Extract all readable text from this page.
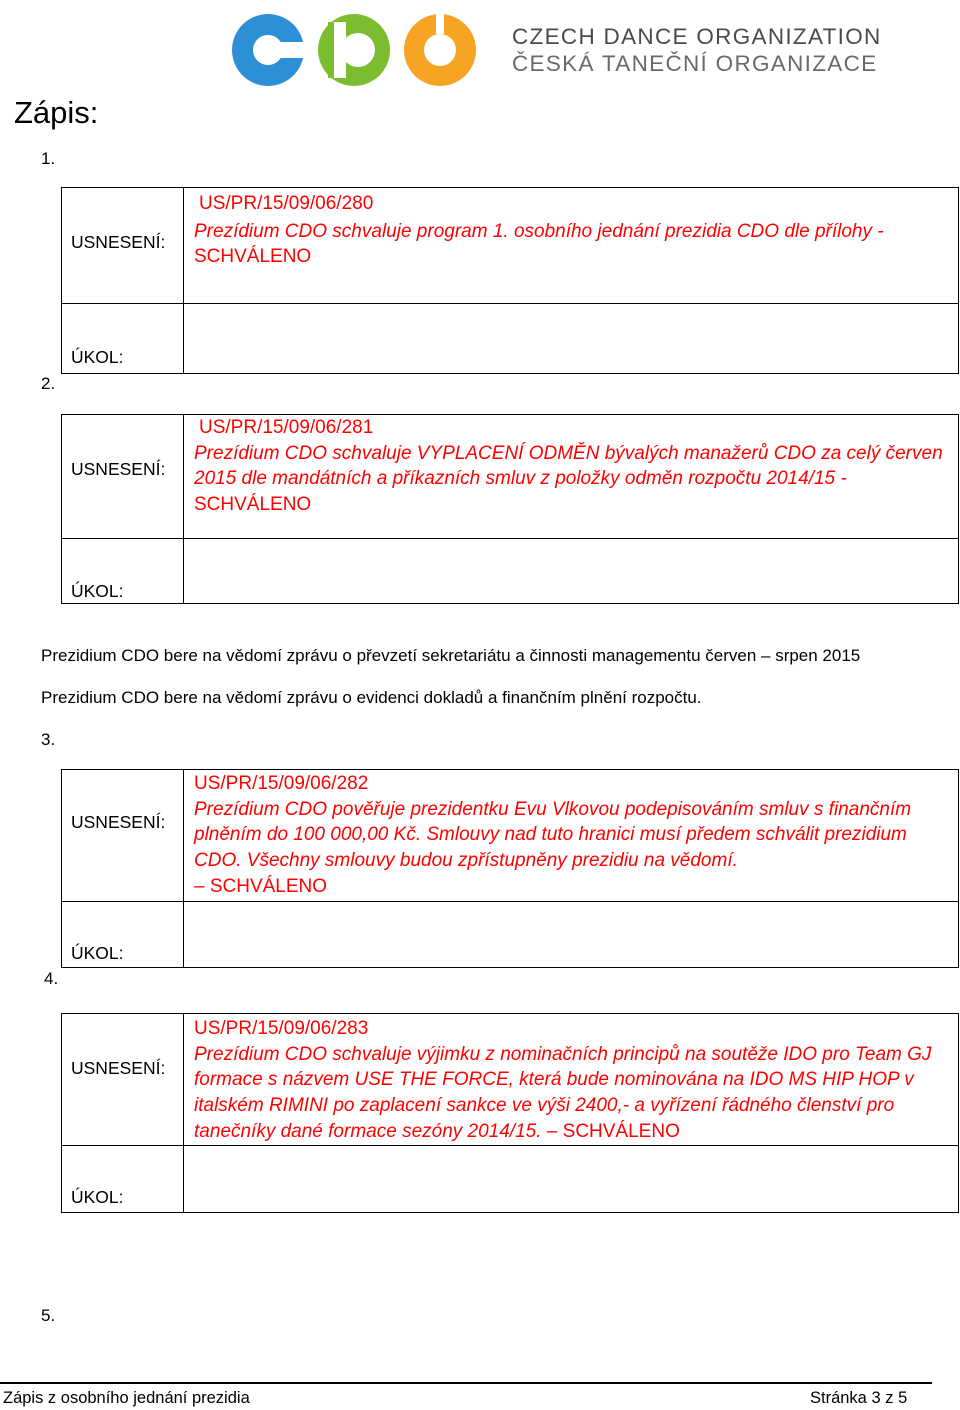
CZECH DANCE ORGANIZATION
ČESKÁ TANEČNÍ ORGANIZACE
Zápis:
1.
USNESENÍ:
US/PR/15/09/06/280
Prezídium CDO schvaluje program 1. osobního jednání prezidia CDO dle přílohy - SCHVÁLENO
ÚKOL:
2.
USNESENÍ:
US/PR/15/09/06/281
Prezídium CDO schvaluje VYPLACENÍ ODMĚN bývalých manažerů CDO za celý červen 2015 dle mandátních a příkazních smluv z položky odměn rozpočtu 2014/15 - SCHVÁLENO
ÚKOL:
Prezidium CDO bere na vědomí zprávu o převzetí sekretariátu a činnosti managementu červen – srpen 2015
Prezidium CDO bere na vědomí zprávu o evidenci dokladů a finančním plnění rozpočtu.
3.
USNESENÍ:
US/PR/15/09/06/282
Prezídium CDO pověřuje prezidentku Evu Vlkovou podepisováním smluv s finančním plněním do 100 000,00 Kč. Smlouvy nad tuto hranici musí předem schválit prezidium CDO. Všechny smlouvy budou zpřístupněny prezidiu na vědomí.
– SCHVÁLENO
ÚKOL:
4.
USNESENÍ:
US/PR/15/09/06/283
Prezídium CDO schvaluje výjimku z nominačních principů na soutěže IDO pro Team GJ formace s názvem USE THE FORCE, která bude nominována na IDO MS HIP HOP v italském RIMINI po zaplacení sankce ve výši 2400,- a vyřízení řádného členství pro tanečníky dané formace sezóny 2014/15. – SCHVÁLENO
ÚKOL:
5.
Zápis z osobního jednání prezidia	Stránka 3 z 5
